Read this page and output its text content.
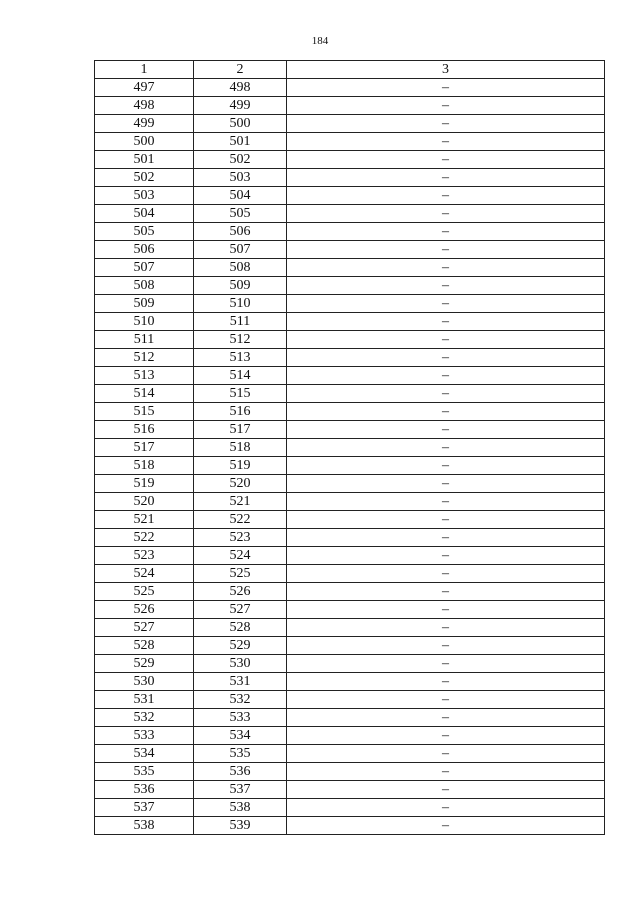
184
1	2	3
497	498	–
498	499	–
499	500	–
500	501	–
501	502	–
502	503	–
503	504	–
504	505	–
505	506	–
506	507	–
507	508	–
508	509	–
509	510	–
510	511	–
511	512	–
512	513	–
513	514	–
514	515	–
515	516	–
516	517	–
517	518	–
518	519	–
519	520	–
520	521	–
521	522	–
522	523	–
523	524	–
524	525	–
525	526	–
526	527	–
527	528	–
528	529	–
529	530	–
530	531	–
531	532	–
532	533	–
533	534	–
534	535	–
535	536	–
536	537	–
537	538	–
538	539	–
